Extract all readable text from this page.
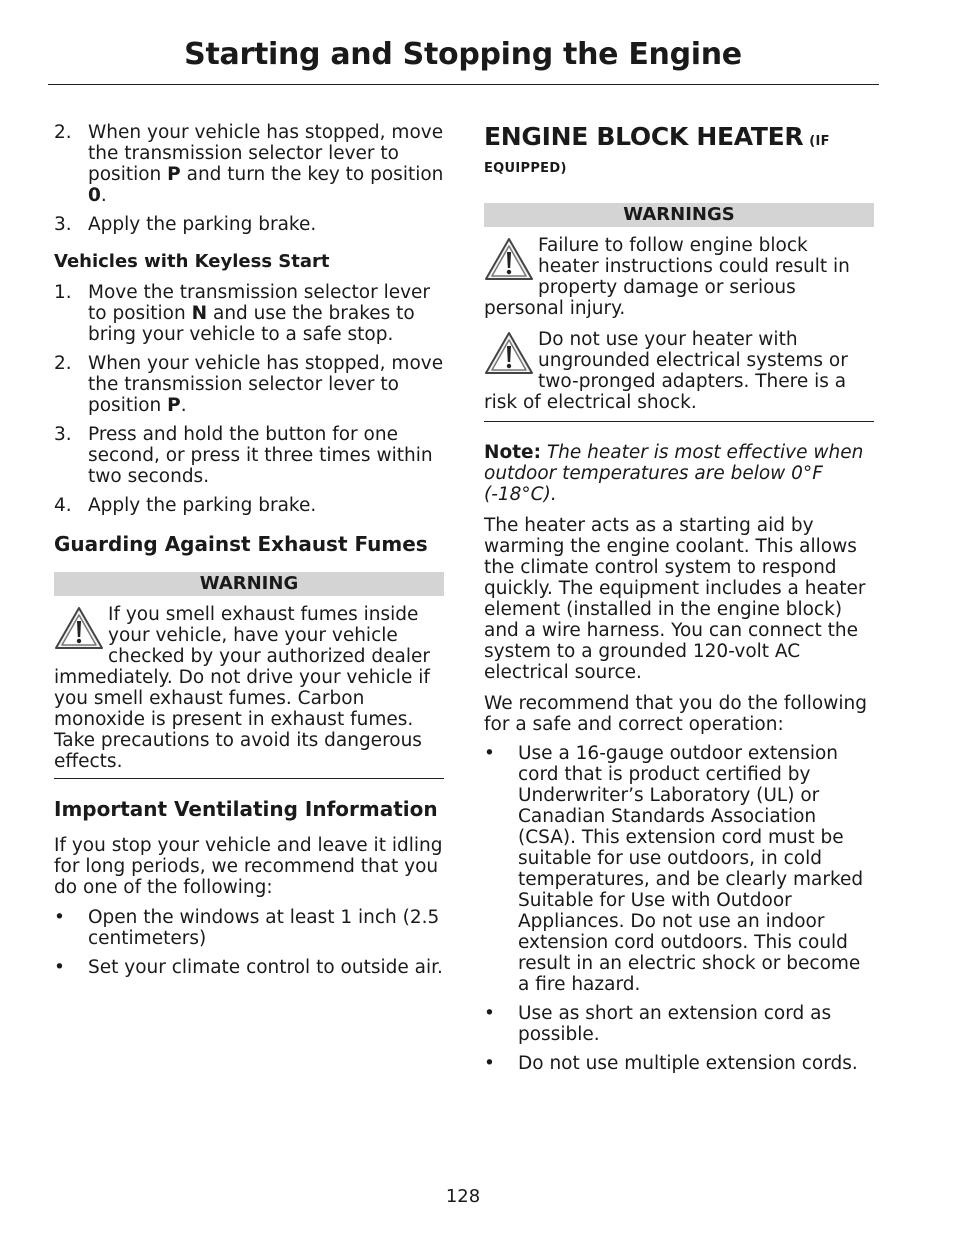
Starting and Stopping the Engine
2. When your vehicle has stopped, move the transmission selector lever to position P and turn the key to position 0.
3. Apply the parking brake.
Vehicles with Keyless Start
1. Move the transmission selector lever to position N and use the brakes to bring your vehicle to a safe stop.
2. When your vehicle has stopped, move the transmission selector lever to position P.
3. Press and hold the button for one second, or press it three times within two seconds.
4. Apply the parking brake.
Guarding Against Exhaust Fumes
WARNING

If you smell exhaust fumes inside your vehicle, have your vehicle checked by your authorized dealer immediately. Do not drive your vehicle if you smell exhaust fumes. Carbon monoxide is present in exhaust fumes. Take precautions to avoid its dangerous effects.

Important Ventilating Information

If you stop your vehicle and leave it idling for long periods, we recommend that you do one of the following:

•	Open the windows at least 1 inch (2.5 centimeters)
•	Set your climate control to outside air.
ENGINE BLOCK HEATER (IF
EQUIPPED)
WARNINGS

Failure to follow engine block heater instructions could result in property damage or serious personal injury.

Do not use your heater with ungrounded electrical systems or two-pronged adapters. There is a risk of electrical shock.

Note: The heater is most effective when outdoor temperatures are below 0°F (-18°C).

The heater acts as a starting aid by warming the engine coolant. This allows the climate control system to respond quickly. The equipment includes a heater element (installed in the engine block) and a wire harness. You can connect the system to a grounded 120-volt AC electrical source.

We recommend that you do the following for a safe and correct operation:

•	Use a 16-gauge outdoor extension cord that is product certified by Underwriter’s Laboratory (UL) or Canadian Standards Association (CSA). This extension cord must be suitable for use outdoors, in cold temperatures, and be clearly marked Suitable for Use with Outdoor Appliances. Do not use an indoor extension cord outdoors. This could result in an electric shock or become a fire hazard.
•	Use as short an extension cord as possible.
•	Do not use multiple extension cords.
128
